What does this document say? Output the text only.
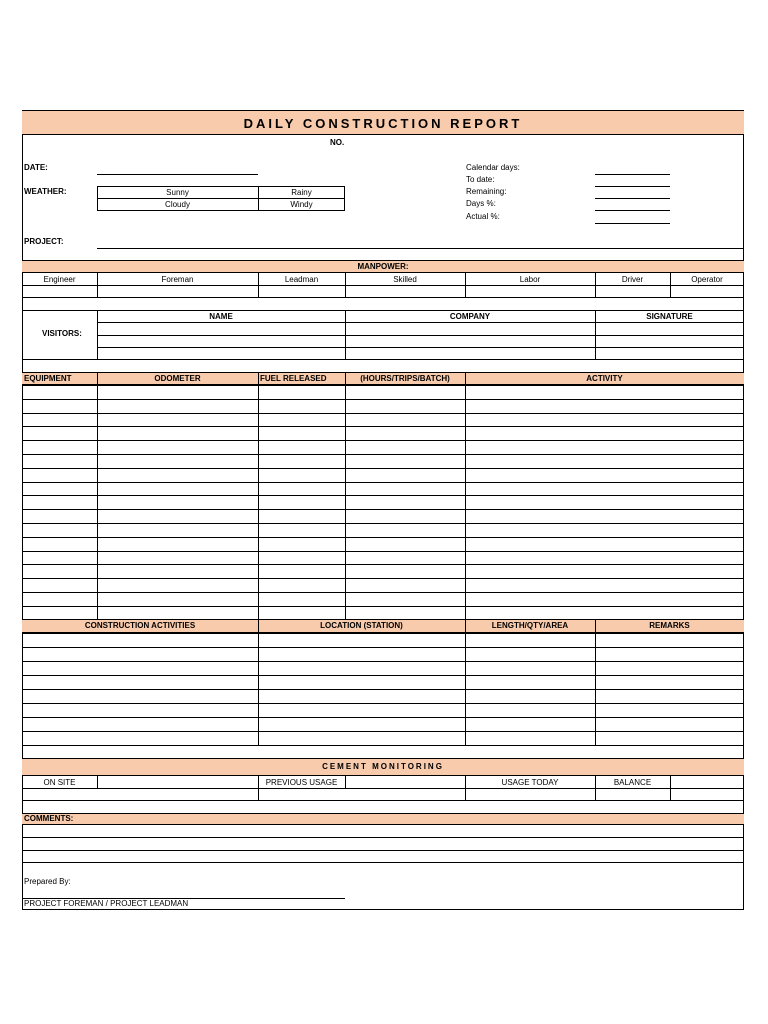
DAILY CONSTRUCTION REPORT
NO.
DATE:
WEATHER:	Sunny	Rainy
Cloudy	Windy
Calendar days:
To date:
Remaining:
Days %:
Actual %:
PROJECT:
MANPOWER:
Engineer	Foreman	Leadman	Skilled	Labor	Driver	Operator
VISITORS:
NAME	COMPANY	SIGNATURE
EQUIPMENT	ODOMETER	FUEL RELEASED	(HOURS/TRIPS/BATCH)	ACTIVITY
CONSTRUCTION ACTIVITIES	LOCATION (STATION)	LENGTH/QTY/AREA	REMARKS
CEMENT MONITORING
ON SITE	PREVIOUS USAGE	USAGE TODAY	BALANCE
COMMENTS:
Prepared By:
PROJECT FOREMAN / PROJECT LEADMAN
